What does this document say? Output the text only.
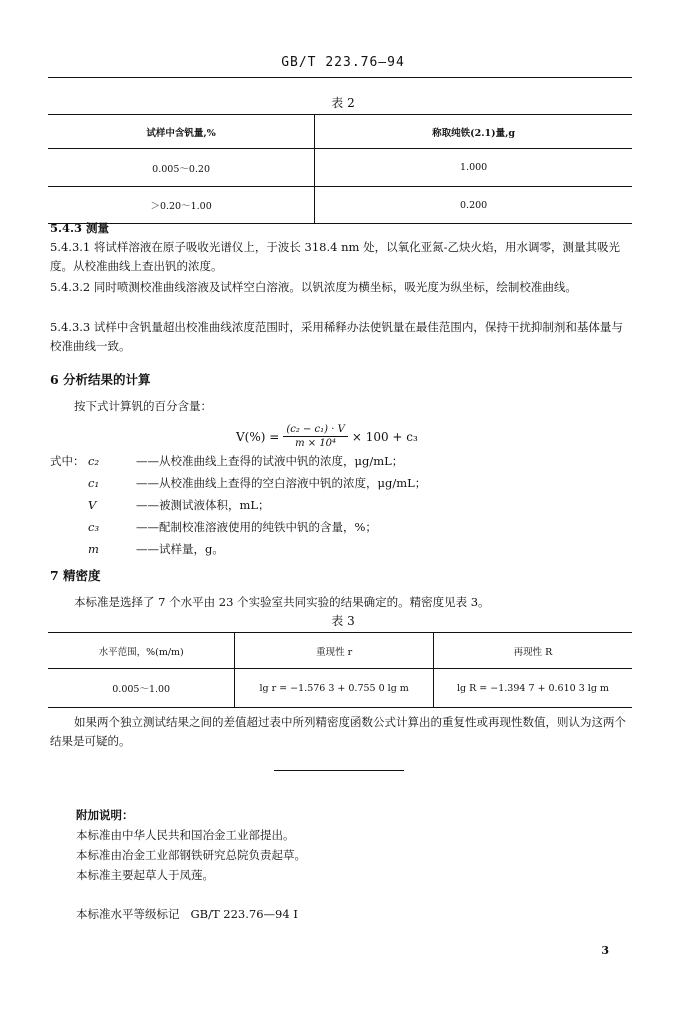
GB/T 223.76—94
表 2
试样中含钒量,%	称取纯铁(2.1)量,g
0.005～0.20	1.000
＞0.20～1.00	0.200
5.4.3 测量
5.4.3.1 将试样溶液在原子吸收光谱仪上，于波长 318.4 nm 处，以氧化亚氮-乙炔火焰，用水调零，测量其吸光度。从校准曲线上查出钒的浓度。
5.4.3.2 同时喷测校准曲线溶液及试样空白溶液。以钒浓度为横坐标，吸光度为纵坐标，绘制校准曲线。
5.4.3.3 试样中含钒量超出校准曲线浓度范围时，采用稀释办法使钒量在最佳范围内，保持干扰抑制剂和基体量与校准曲线一致。
6 分析结果的计算
按下式计算钒的百分含量：
$V(\%) = \frac{\text{(c₂ − c₁) · V}}{\text{m × 10⁴}} \times 100 + c_3$
式中： c₂	——从校准曲线上查得的试液中钒的浓度，μg/mL；
c₁	——从校准曲线上查得的空白溶液中钒的浓度，μg/mL；
V	——被测试液体积，mL；
c₃	——配制校准溶液使用的纯铁中钒的含量，%；
m	——试样量，g。
7 精密度
本标准是选择了 7 个水平由 23 个实验室共同实验的结果确定的。精密度见表 3。
表 3
水平范围，%(m/m)	重现性 r	再现性 R
0.005～1.00	lg r = −1.576 3 + 0.755 0 lg m	lg R = −1.394 7 + 0.610 3 lg m
如果两个独立测试结果之间的差值超过表中所列精密度函数公式计算出的重复性或再现性数值，则认为这两个结果是可疑的。
附加说明：
本标准由中华人民共和国冶金工业部提出。
本标准由冶金工业部钢铁研究总院负责起草。
本标准主要起草人于凤莲。
本标准水平等级标记   GB/T 223.76—94 I
3
